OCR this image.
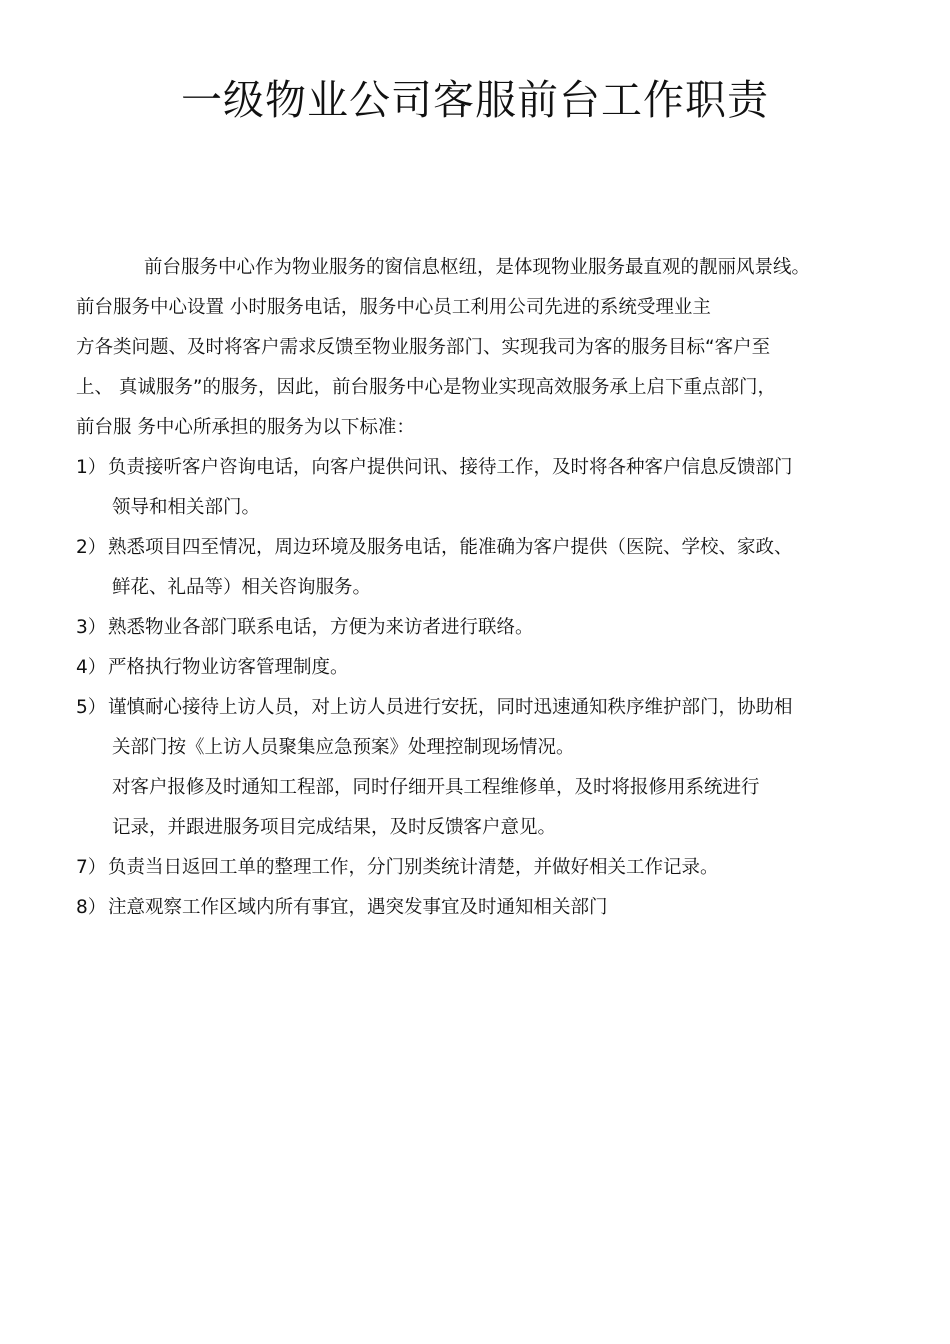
一级物业公司客服前台工作职责
前台服务中心作为物业服务的窗信息枢纽，是体现物业服务最直观的靓丽风景线。
前台服务中心设置 小时服务电话，服务中心员工利用公司先进的系统受理业主
方各类问题、及时将客户需求反馈至物业服务部门、实现我司为客的服务目标“客户至
上、 真诚服务”的服务，因此，前台服务中心是物业实现高效服务承上启下重点部门，
前台服 务中心所承担的服务为以下标准：
1）负责接听客户咨询电话，向客户提供问讯、接待工作，及时将各种客户信息反馈部门
领导和相关部门。
2）熟悉项目四至情况，周边环境及服务电话，能准确为客户提供（医院、学校、家政、
鲜花、礼品等）相关咨询服务。
3）熟悉物业各部门联系电话，方便为来访者进行联络。
4）严格执行物业访客管理制度。
5）谨慎耐心接待上访人员，对上访人员进行安抚，同时迅速通知秩序维护部门，协助相
关部门按《上访人员聚集应急预案》处理控制现场情况。
对客户报修及时通知工程部，同时仔细开具工程维修单，及时将报修用系统进行
记录，并跟进服务项目完成结果，及时反馈客户意见。
7）负责当日返回工单的整理工作，分门别类统计清楚，并做好相关工作记录。
8）注意观察工作区域内所有事宜，遇突发事宜及时通知相关部门
